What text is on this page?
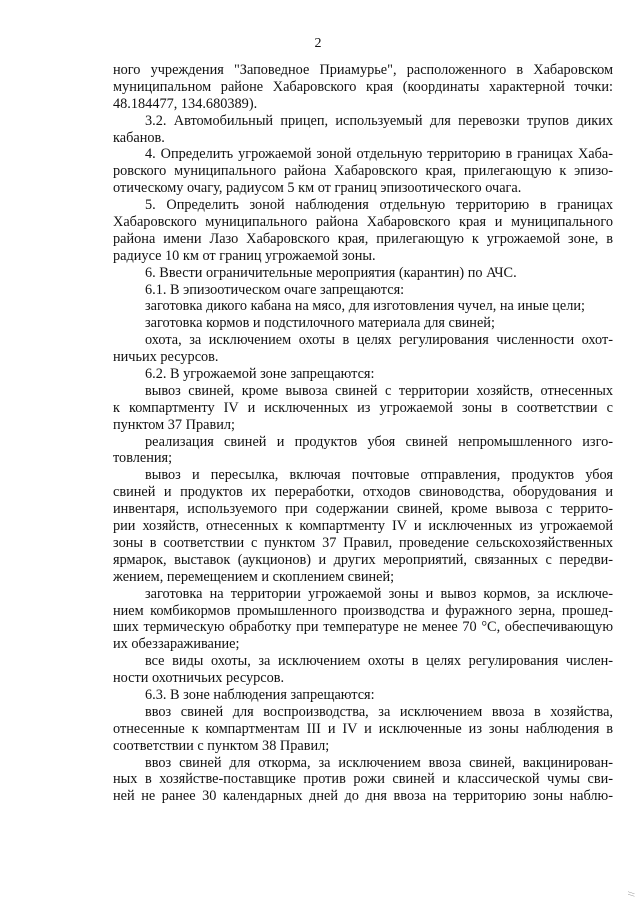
2
ного учреждения "Заповедное Приамурье", расположенного в Хабаровском
муниципальном районе Хабаровского края (координаты характерной точки:
48.184477, 134.680389).
3.2. Автомобильный прицеп, используемый для перевозки трупов диких
кабанов.
4. Определить угрожаемой зоной отдельную территорию в границах Хаба-
ровского муниципального района Хабаровского края, прилегающую к эпизо-
отическому очагу, радиусом 5 км от границ эпизоотического очага.
5. Определить зоной наблюдения отдельную территорию в границах
Хабаровского муниципального района Хабаровского края и муниципального
района имени Лазо Хабаровского края, прилегающую к угрожаемой зоне, в
радиусе 10 км от границ угрожаемой зоны.
6. Ввести ограничительные мероприятия (карантин) по АЧС.
6.1. В эпизоотическом очаге запрещаются:
заготовка дикого кабана на мясо, для изготовления чучел, на иные цели;
заготовка кормов и подстилочного материала для свиней;
охота, за исключением охоты в целях регулирования численности охот-
ничьих ресурсов.
6.2. В угрожаемой зоне запрещаются:
вывоз свиней, кроме вывоза свиней с территории хозяйств, отнесенных
к компартменту IV и исключенных из угрожаемой зоны в соответствии с
пунктом 37 Правил;
реализация свиней и продуктов убоя свиней непромышленного изго-
товления;
вывоз и пересылка, включая почтовые отправления, продуктов убоя
свиней и продуктов их переработки, отходов свиноводства, оборудования и
инвентаря, используемого при содержании свиней, кроме вывоза с террито-
рии хозяйств, отнесенных к компартменту IV и исключенных из угрожаемой
зоны в соответствии с пунктом 37 Правил, проведение сельскохозяйственных
ярмарок, выставок (аукционов) и других мероприятий, связанных с передви-
жением, перемещением и скоплением свиней;
заготовка на территории угрожаемой зоны и вывоз кормов, за исключе-
нием комбикормов промышленного производства и фуражного зерна, прошед-
ших термическую обработку при температуре не менее 70 °C, обеспечивающую
их обеззараживание;
все виды охоты, за исключением охоты в целях регулирования числен-
ности охотничьих ресурсов.
6.3. В зоне наблюдения запрещаются:
ввоз свиней для воспроизводства, за исключением ввоза в хозяйства,
отнесенные к компартментам III и IV и исключенные из зоны наблюдения в
соответствии с пунктом 38 Правил;
ввоз свиней для откорма, за исключением ввоза свиней, вакцинирован-
ных в хозяйстве-поставщике против рожи свиней и классической чумы сви-
ней не ранее 30 календарных дней до дня ввоза на территорию зоны наблю-
//
